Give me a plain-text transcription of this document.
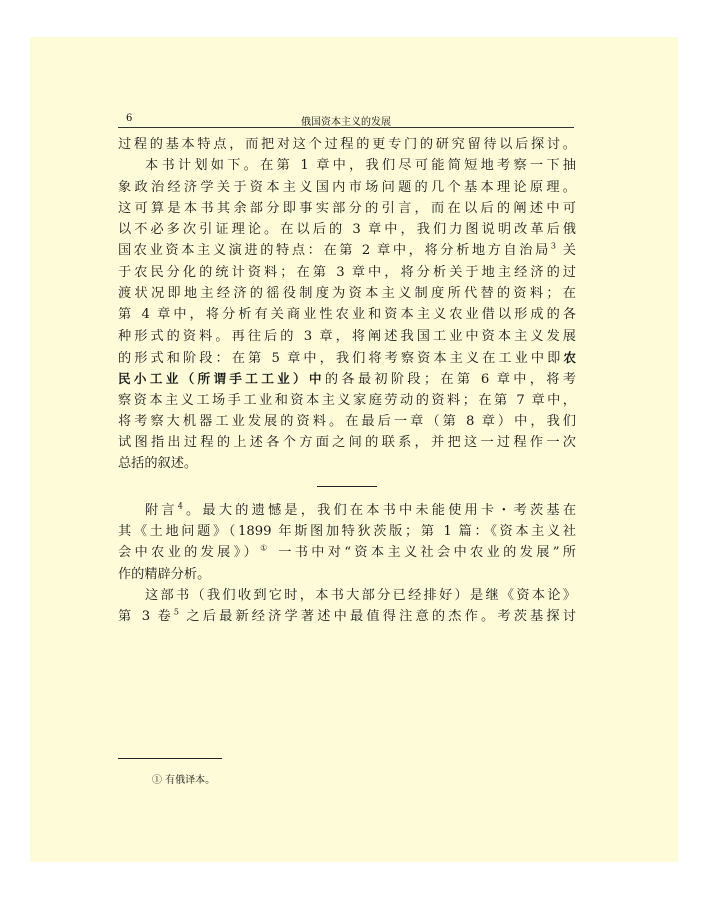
6	俄国资本主义的发展
过程的基本特点，而把对这个过程的更专门的研究留待以后探讨。
本书计划如下。在第 1 章中，我们尽可能简短地考察一下抽
象政治经济学关于资本主义国内市场问题的几个基本理论原理。
这可算是本书其余部分即事实部分的引言，而在以后的阐述中可
以不必多次引证理论。在以后的 3 章中，我们力图说明改革后俄
国农业资本主义演进的特点：在第 2 章中，将分析地方自治局$^3$ 关
于农民分化的统计资料；在第 3 章中，将分析关于地主经济的过
渡状况即地主经济的徭役制度为资本主义制度所代替的资料；在
第 4 章中，将分析有关商业性农业和资本主义农业借以形成的各
种形式的资料。再往后的 3 章，将阐述我国工业中资本主义发展
的形式和阶段：在第 5 章中，我们将考察资本主义在工业中即农
民小工业（所谓手工工业）中的各最初阶段；在第 6 章中，将考
察资本主义工场手工业和资本主义家庭劳动的资料；在第 7 章中，
将考察大机器工业发展的资料。在最后一章（第 8 章）中，我们
试图指出过程的上述各个方面之间的联系，并把这一过程作一次
总括的叙述。
附言$^4$。最大的遗憾是，我们在本书中未能使用卡・考茨基在
其《土地问题》（1899 年斯图加特狄茨版；第 1 篇：《资本主义社
会中农业的发展》）① 一书中对“资本主义社会中农业的发展”所
作的精辟分析。
这部书（我们收到它时，本书大部分已经排好）是继《资本论》
第 3 卷$^5$ 之后最新经济学著述中最值得注意的杰作。考茨基探讨
① 有俄译本。
